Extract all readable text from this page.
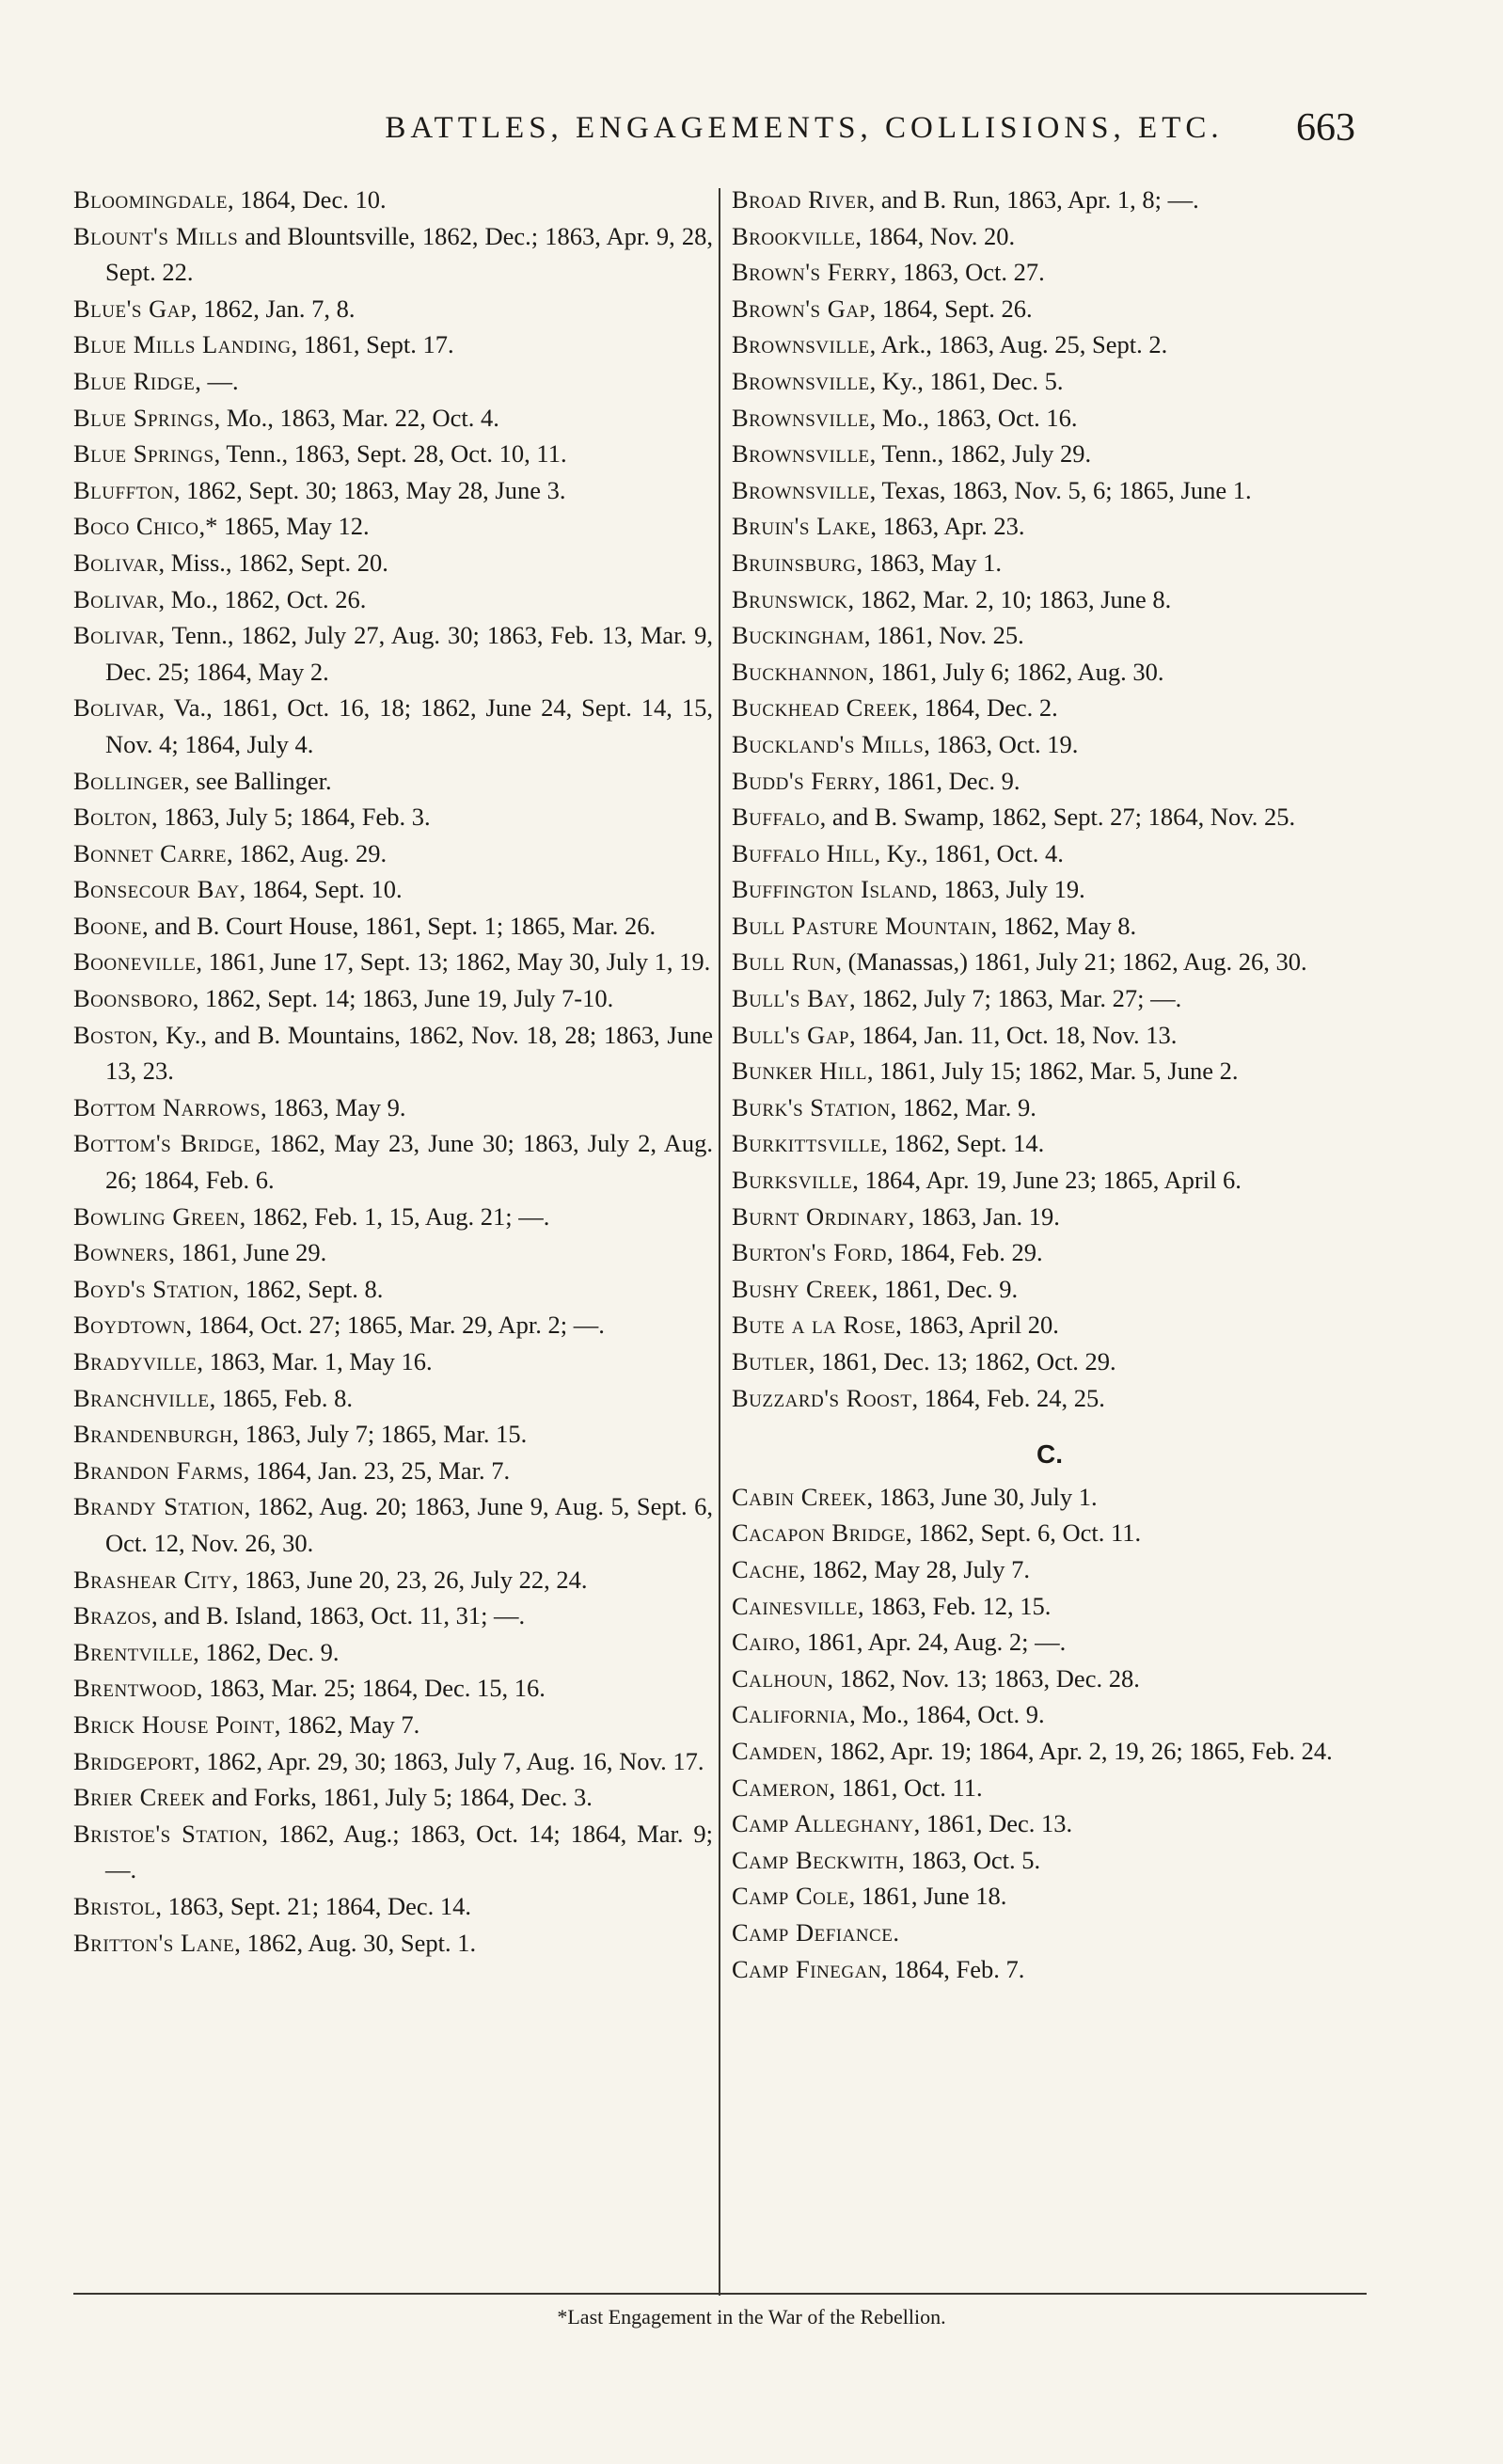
BATTLES, ENGAGEMENTS, COLLISIONS, ETC.	663

Bloomingdale, 1864, Dec. 10.

Blount's Mills and Blountsville, 1862, Dec.; 1863, Apr. 9, 28, Sept. 22.

Blue's Gap, 1862, Jan. 7, 8.

Blue Mills Landing, 1861, Sept. 17.

Blue Ridge, —.

Blue Springs, Mo., 1863, Mar. 22, Oct. 4.

Blue Springs, Tenn., 1863, Sept. 28, Oct. 10, 11.

Bluffton, 1862, Sept. 30; 1863, May 28, June 3.

Boco Chico,* 1865, May 12.

Bolivar, Miss., 1862, Sept. 20.

Bolivar, Mo., 1862, Oct. 26.

Bolivar, Tenn., 1862, July 27, Aug. 30; 1863, Feb. 13, Mar. 9, Dec. 25; 1864, May 2.

Bolivar, Va., 1861, Oct. 16, 18; 1862, June 24, Sept. 14, 15, Nov. 4; 1864, July 4.

Bollinger, see Ballinger.

Bolton, 1863, July 5; 1864, Feb. 3.

Bonnet Carre, 1862, Aug. 29.

Bonsecour Bay, 1864, Sept. 10.

Boone, and B. Court House, 1861, Sept. 1; 1865, Mar. 26.

Booneville, 1861, June 17, Sept. 13; 1862, May 30, July 1, 19.

Boonsboro, 1862, Sept. 14; 1863, June 19, July 7-10.

Boston, Ky., and B. Mountains, 1862, Nov. 18, 28; 1863, June 13, 23.

Bottom Narrows, 1863, May 9.

Bottom's Bridge, 1862, May 23, June 30; 1863, July 2, Aug. 26; 1864, Feb. 6.

Bowling Green, 1862, Feb. 1, 15, Aug. 21; —.

Bowners, 1861, June 29.

Boyd's Station, 1862, Sept. 8.

Boydtown, 1864, Oct. 27; 1865, Mar. 29, Apr. 2; —.

Bradyville, 1863, Mar. 1, May 16.

Branchville, 1865, Feb. 8.

Brandenburgh, 1863, July 7; 1865, Mar. 15.

Brandon Farms, 1864, Jan. 23, 25, Mar. 7.

Brandy Station, 1862, Aug. 20; 1863, June 9, Aug. 5, Sept. 6, Oct. 12, Nov. 26, 30.

Brashear City, 1863, June 20, 23, 26, July 22, 24.

Brazos, and B. Island, 1863, Oct. 11, 31; —.

Brentville, 1862, Dec. 9.

Brentwood, 1863, Mar. 25; 1864, Dec. 15, 16.

Brick House Point, 1862, May 7.

Bridgeport, 1862, Apr. 29, 30; 1863, July 7, Aug. 16, Nov. 17.

Brier Creek and Forks, 1861, July 5; 1864, Dec. 3.

Bristoe's Station, 1862, Aug.; 1863, Oct. 14; 1864, Mar. 9; —.

Bristol, 1863, Sept. 21; 1864, Dec. 14.

Britton's Lane, 1862, Aug. 30, Sept. 1.

Broad River, and B. Run, 1863, Apr. 1, 8; —.

Brookville, 1864, Nov. 20.

Brown's Ferry, 1863, Oct. 27.

Brown's Gap, 1864, Sept. 26.

Brownsville, Ark., 1863, Aug. 25, Sept. 2.

Brownsville, Ky., 1861, Dec. 5.

Brownsville, Mo., 1863, Oct. 16.

Brownsville, Tenn., 1862, July 29.

Brownsville, Texas, 1863, Nov. 5, 6; 1865, June 1.

Bruin's Lake, 1863, Apr. 23.

Bruinsburg, 1863, May 1.

Brunswick, 1862, Mar. 2, 10; 1863, June 8.

Buckingham, 1861, Nov. 25.

Buckhannon, 1861, July 6; 1862, Aug. 30.

Buckhead Creek, 1864, Dec. 2.

Buckland's Mills, 1863, Oct. 19.

Budd's Ferry, 1861, Dec. 9.

Buffalo, and B. Swamp, 1862, Sept. 27; 1864, Nov. 25.

Buffalo Hill, Ky., 1861, Oct. 4.

Buffington Island, 1863, July 19.

Bull Pasture Mountain, 1862, May 8.

Bull Run, (Manassas,) 1861, July 21; 1862, Aug. 26, 30.

Bull's Bay, 1862, July 7; 1863, Mar. 27; —.

Bull's Gap, 1864, Jan. 11, Oct. 18, Nov. 13.

Bunker Hill, 1861, July 15; 1862, Mar. 5, June 2.

Burk's Station, 1862, Mar. 9.

Burkittsville, 1862, Sept. 14.

Burksville, 1864, Apr. 19, June 23; 1865, April 6.

Burnt Ordinary, 1863, Jan. 19.

Burton's Ford, 1864, Feb. 29.

Bushy Creek, 1861, Dec. 9.

Bute a la Rose, 1863, April 20.

Butler, 1861, Dec. 13; 1862, Oct. 29.

Buzzard's Roost, 1864, Feb. 24, 25.

C.

Cabin Creek, 1863, June 30, July 1.

Cacapon Bridge, 1862, Sept. 6, Oct. 11.

Cache, 1862, May 28, July 7.

Cainesville, 1863, Feb. 12, 15.

Cairo, 1861, Apr. 24, Aug. 2; —.

Calhoun, 1862, Nov. 13; 1863, Dec. 28.

California, Mo., 1864, Oct. 9.

Camden, 1862, Apr. 19; 1864, Apr. 2, 19, 26; 1865, Feb. 24.

Cameron, 1861, Oct. 11.

Camp Alleghany, 1861, Dec. 13.

Camp Beckwith, 1863, Oct. 5.

Camp Cole, 1861, June 18.

Camp Defiance.

Camp Finegan, 1864, Feb. 7.

*Last Engagement in the War of the Rebellion.
